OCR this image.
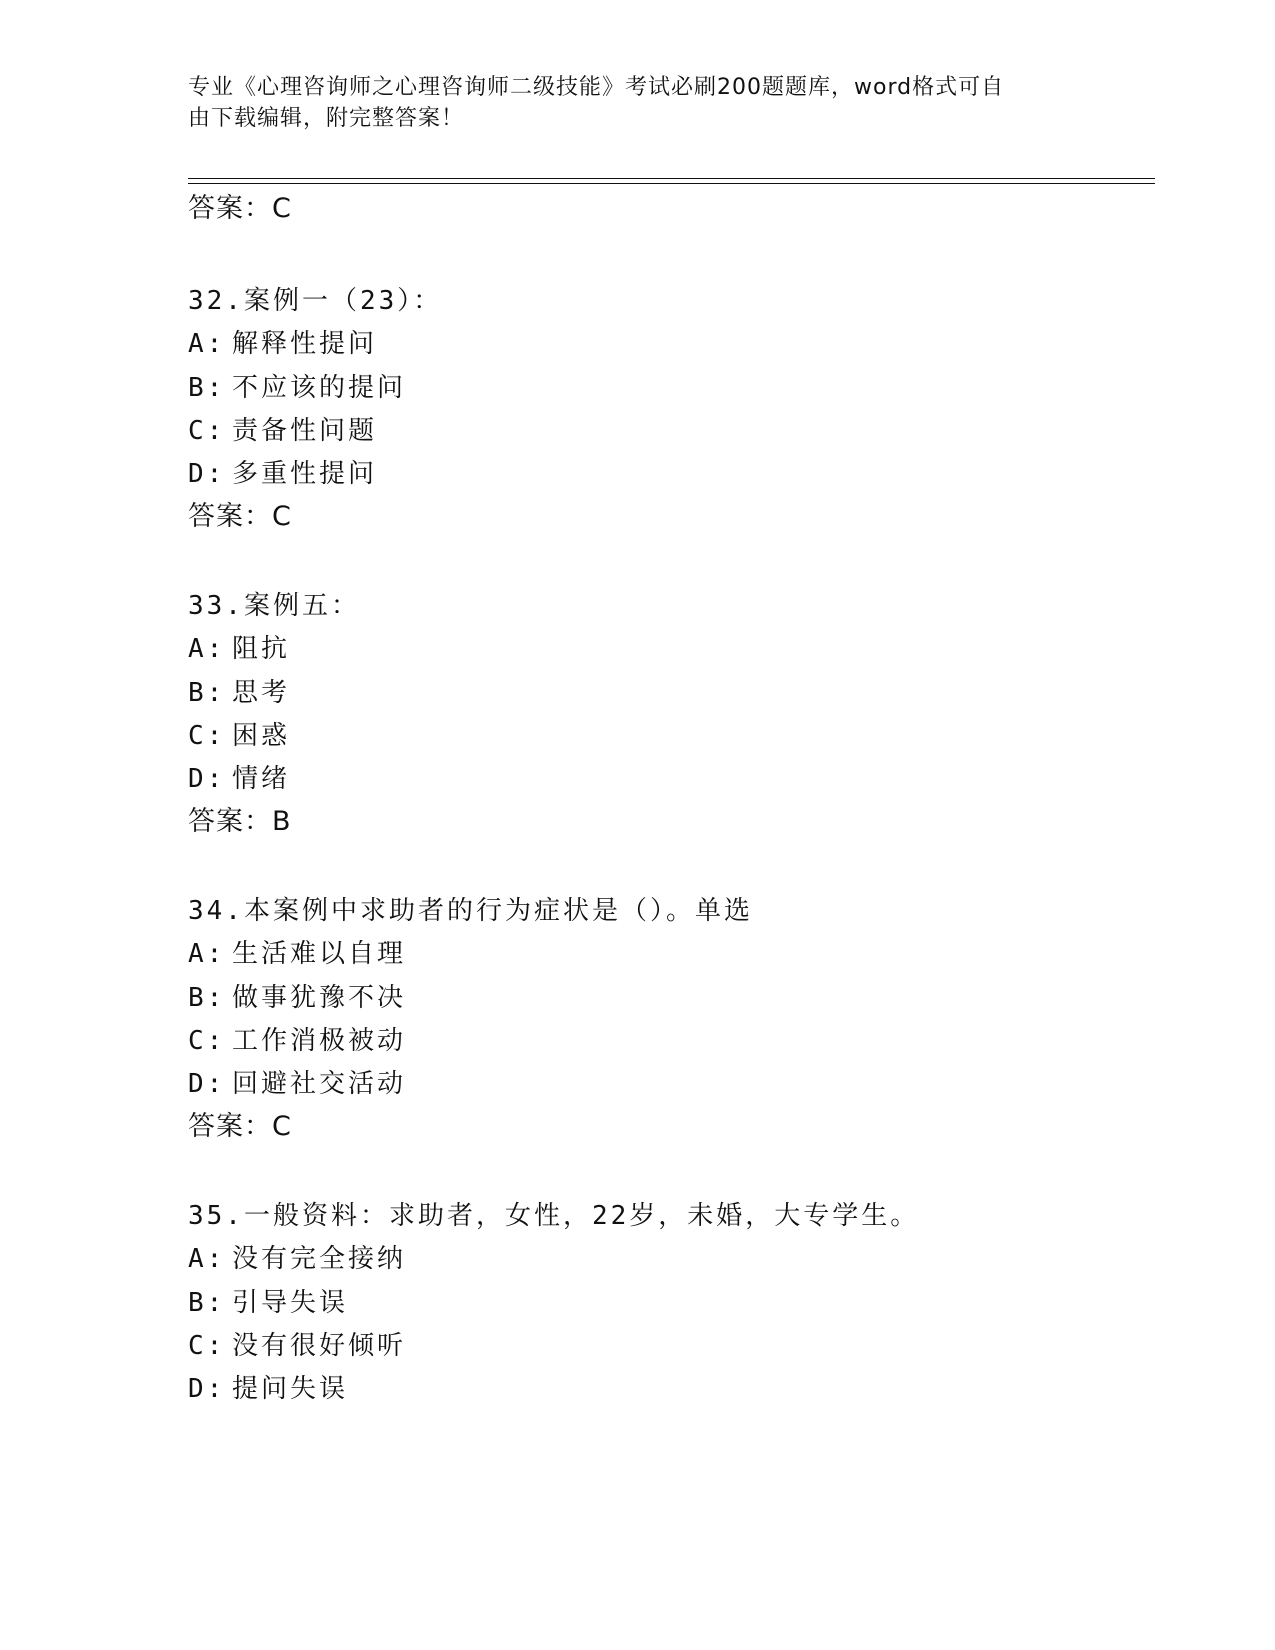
专业《心理咨询师之心理咨询师二级技能》考试必刷200题题库，word格式可自
由下载编辑，附完整答案！
答案：C
32.案例一（23）：
A: 解释性提问
B: 不应该的提问
C: 责备性问题
D: 多重性提问
答案：C
33.案例五：
A: 阻抗
B: 思考
C: 困惑
D: 情绪
答案：B
34.本案例中求助者的行为症状是（）。单选
A: 生活难以自理
B: 做事犹豫不决
C: 工作消极被动
D: 回避社交活动
答案：C
35.一般资料：求助者，女性，22岁，未婚，大专学生。
A: 没有完全接纳
B: 引导失误
C: 没有很好倾听
D: 提问失误
